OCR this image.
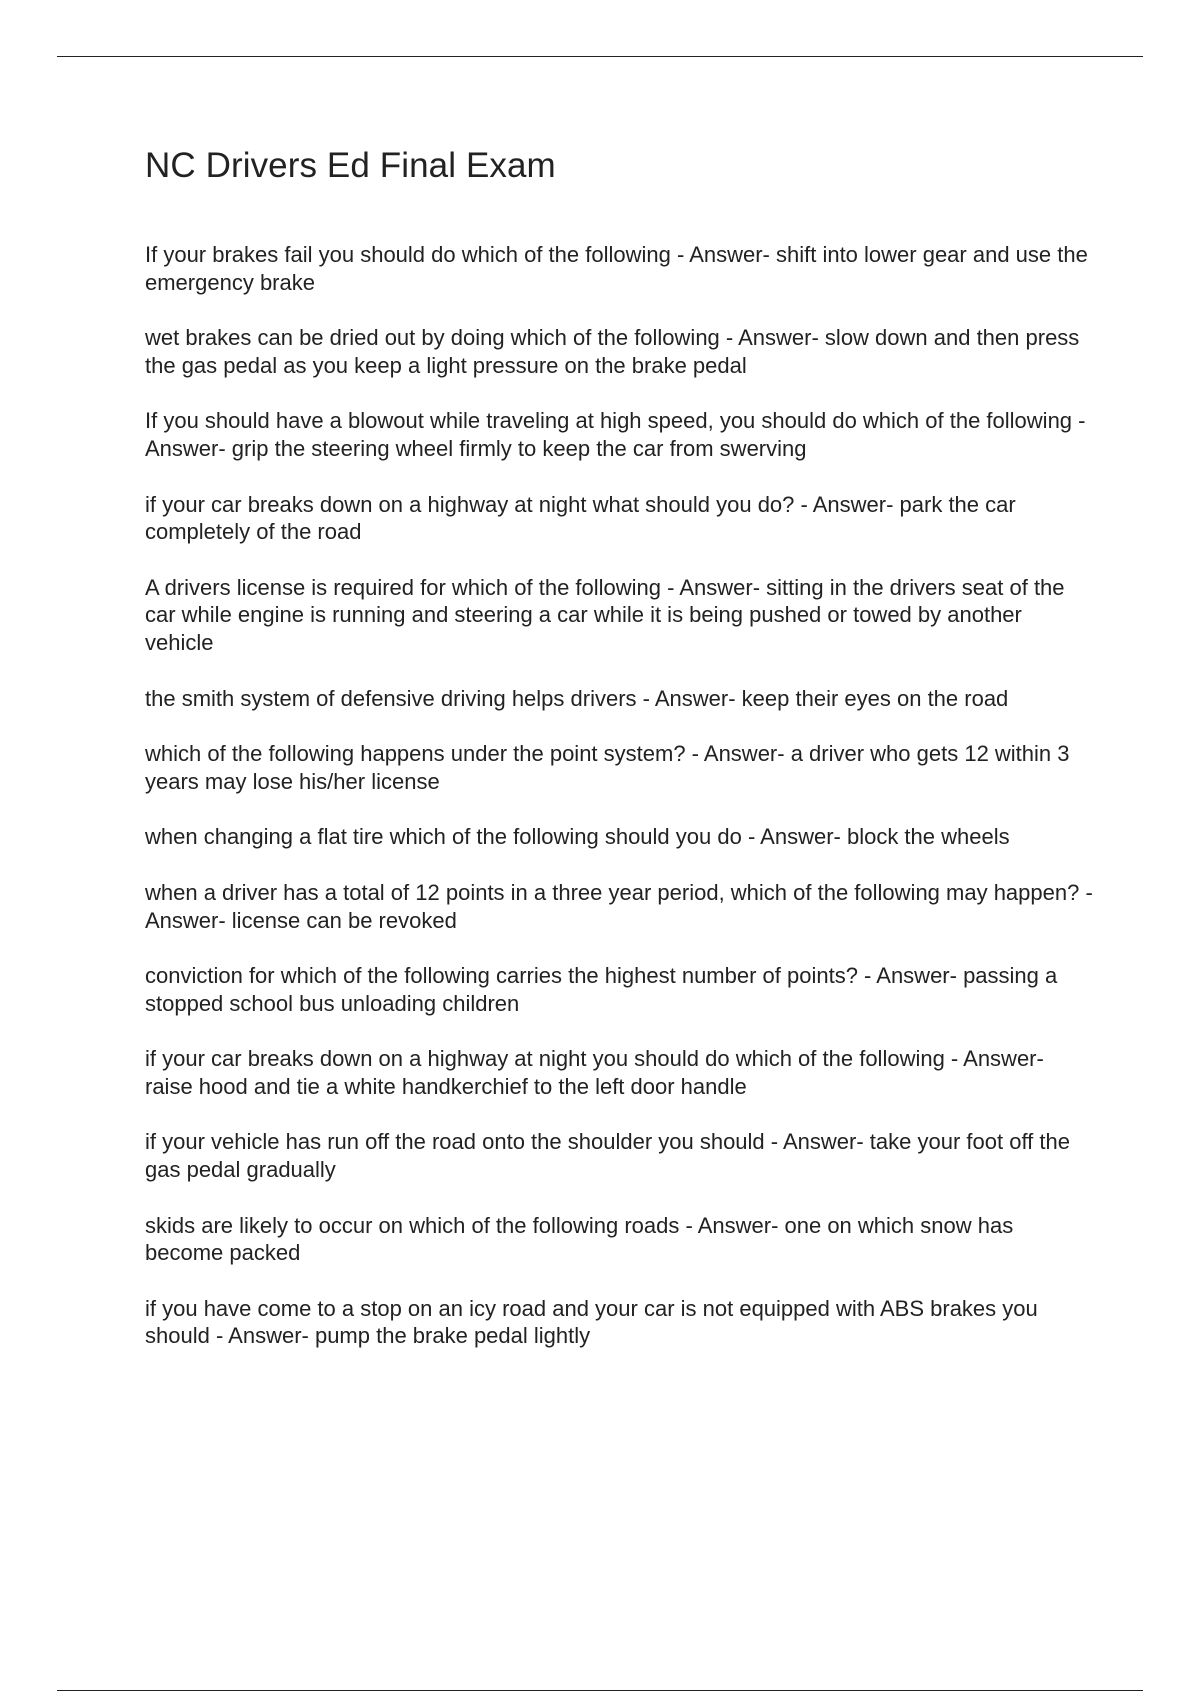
NC Drivers Ed Final Exam
If your brakes fail you should do which of the following - Answer- shift into lower gear and use the emergency brake
wet brakes can be dried out by doing which of the following - Answer- slow down and then press the gas pedal as you keep a light pressure on the brake pedal
If you should have a blowout while traveling at high speed, you should do which of the following - Answer- grip the steering wheel firmly to keep the car from swerving
if your car breaks down on a highway at night what should you do? - Answer- park the car completely of the road
A drivers license is required for which of the following - Answer- sitting in the drivers seat of the car while engine is running and steering a car while it is being pushed or towed by another vehicle
the smith system of defensive driving helps drivers - Answer- keep their eyes on the road
which of the following happens under the point system? - Answer- a driver who gets 12 within 3 years may lose his/her license
when changing a flat tire which of the following should you do - Answer- block the wheels
when a driver has a total of 12 points in a three year period, which of the following may happen? - Answer- license can be revoked
conviction for which of the following carries the highest number of points? - Answer- passing a stopped school bus unloading children
if your car breaks down on a highway at night you should do which of the following - Answer- raise hood and tie a white handkerchief to the left door handle
if your vehicle has run off the road onto the shoulder you should - Answer- take your foot off the gas pedal gradually
skids are likely to occur on which of the following roads - Answer- one on which snow has become packed
if you have come to a stop on an icy road and your car is not equipped with ABS brakes you should - Answer- pump the brake pedal lightly
